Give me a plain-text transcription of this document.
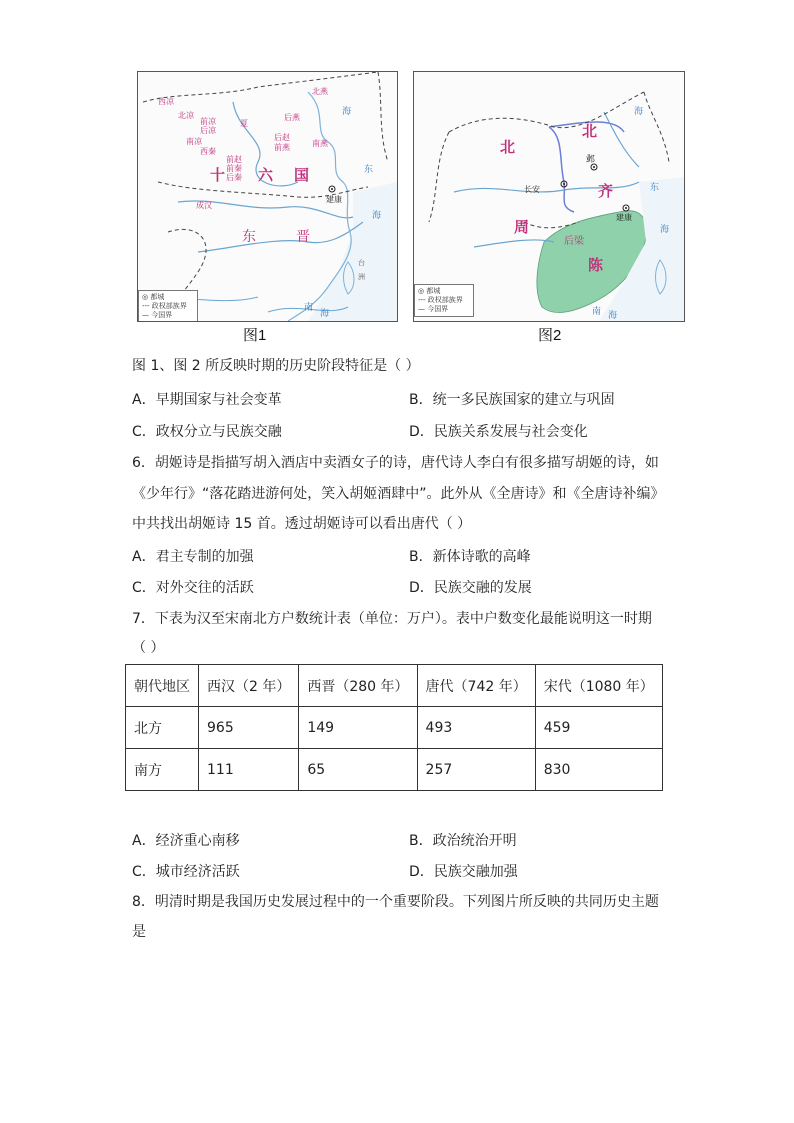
西凉
北凉
前凉
后凉
南凉
西秦
夏
后燕
北燕
南燕
前赵
前秦
后秦
后赵
前燕
十 六 国
成汉
东	晋
建康
海
东
海
台
洲
南
海
◎ 都城
--- 政权部族界
— 今国界
图1
北
周
北
齐
邺
长安
建康
后梁
陈
海
东
海
南 海
◎ 都城
--- 政权部族界
— 今国界
图2
图 1、图 2 所反映时期的历史阶段特征是（ ）
A．早期国家与社会变革	B．统一多民族国家的建立与巩固
C．政权分立与民族交融	D．民族关系发展与社会变化
6．胡姬诗是指描写胡入酒店中卖酒女子的诗，唐代诗人李白有很多描写胡姬的诗，如
《少年行》“落花踏进游何处，笑入胡姬酒肆中”。此外从《全唐诗》和《全唐诗补编》
中共找出胡姬诗 15 首。透过胡姬诗可以看出唐代（ ）
A．君主专制的加强	B．新体诗歌的高峰
C．对外交往的活跃	D．民族交融的发展
7．下表为汉至宋南北方户数统计表（单位：万户）。表中户数变化最能说明这一时期
（ ）
朝代地区	西汉（2 年）	西晋（280 年）	唐代（742 年）	宋代（1080 年）
北方	965	149	493	459
南方	111	65	257	830
A．经济重心南移	B．政治统治开明
C．城市经济活跃	D．民族交融加强
8．明清时期是我国历史发展过程中的一个重要阶段。下列图片所反映的共同历史主题
是
